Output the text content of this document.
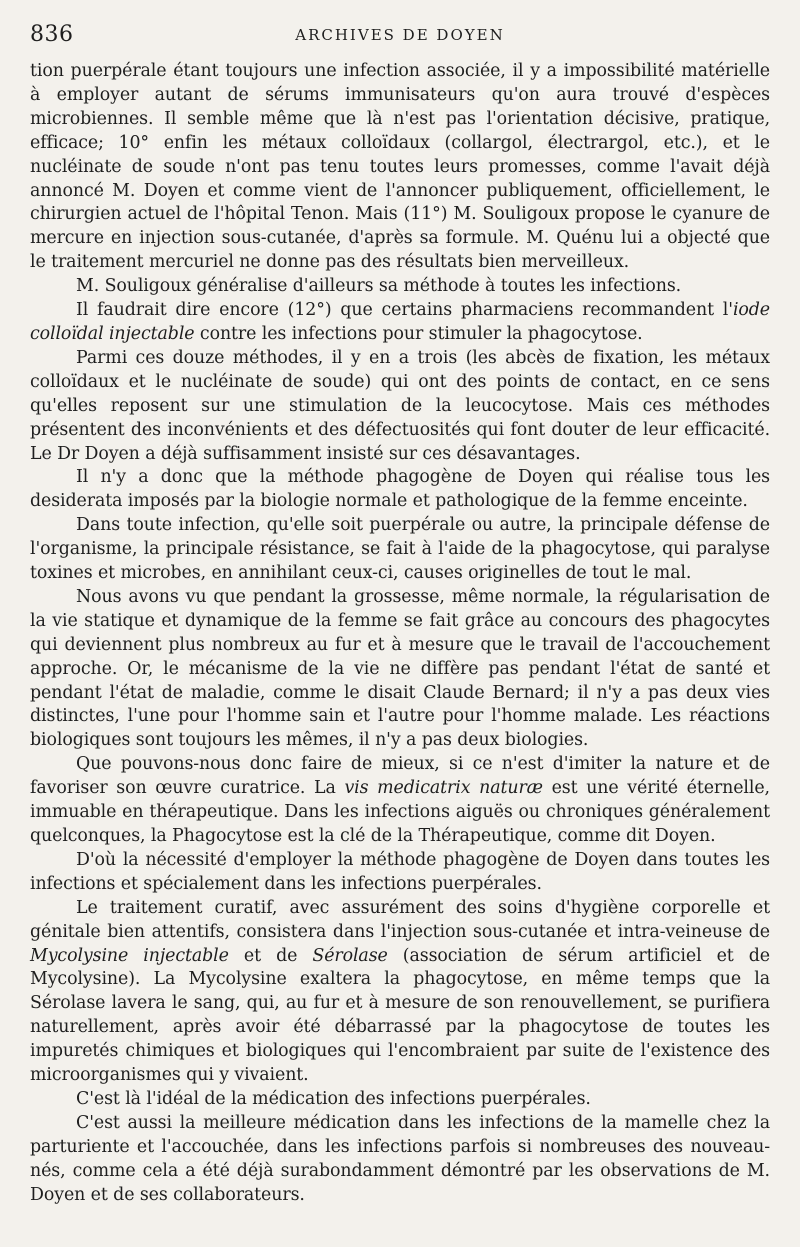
836	ARCHIVES DE DOYEN

tion puerpérale étant toujours une infection associée, il y a impossibilité matérielle à employer autant de sérums immunisateurs qu'on aura trouvé d'espèces microbiennes. Il semble même que là n'est pas l'orientation décisive, pratique, efficace; 10° enfin les métaux colloïdaux (collargol, électrargol, etc.), et le nucléinate de soude n'ont pas tenu toutes leurs promesses, comme l'avait déjà annoncé M. Doyen et comme vient de l'annoncer publiquement, officiellement, le chirurgien actuel de l'hôpital Tenon. Mais (11°) M. Souligoux propose le cyanure de mercure en injection sous-cutanée, d'après sa formule. M. Quénu lui a objecté que le traitement mercuriel ne donne pas des résultats bien merveilleux.

M. Souligoux généralise d'ailleurs sa méthode à toutes les infections.

Il faudrait dire encore (12°) que certains pharmaciens recommandent l'iode colloïdal injectable contre les infections pour stimuler la phagocytose.

Parmi ces douze méthodes, il y en a trois (les abcès de fixation, les métaux colloïdaux et le nucléinate de soude) qui ont des points de contact, en ce sens qu'elles reposent sur une stimulation de la leucocytose. Mais ces méthodes présentent des inconvénients et des défectuosités qui font douter de leur efficacité. Le Dr Doyen a déjà suffisamment insisté sur ces désavantages.

Il n'y a donc que la méthode phagogène de Doyen qui réalise tous les desiderata imposés par la biologie normale et pathologique de la femme enceinte.

Dans toute infection, qu'elle soit puerpérale ou autre, la principale défense de l'organisme, la principale résistance, se fait à l'aide de la phagocytose, qui paralyse toxines et microbes, en annihilant ceux-ci, causes originelles de tout le mal.

Nous avons vu que pendant la grossesse, même normale, la régularisation de la vie statique et dynamique de la femme se fait grâce au concours des phagocytes qui deviennent plus nombreux au fur et à mesure que le travail de l'accouchement approche. Or, le mécanisme de la vie ne diffère pas pendant l'état de santé et pendant l'état de maladie, comme le disait Claude Bernard; il n'y a pas deux vies distinctes, l'une pour l'homme sain et l'autre pour l'homme malade. Les réactions biologiques sont toujours les mêmes, il n'y a pas deux biologies.

Que pouvons-nous donc faire de mieux, si ce n'est d'imiter la nature et de favoriser son œuvre curatrice. La vis medicatrix naturæ est une vérité éternelle, immuable en thérapeutique. Dans les infections aiguës ou chroniques généralement quelconques, la Phagocytose est la clé de la Thérapeutique, comme dit Doyen.

D'où la nécessité d'employer la méthode phagogène de Doyen dans toutes les infections et spécialement dans les infections puerpérales.

Le traitement curatif, avec assurément des soins d'hygiène corporelle et génitale bien attentifs, consistera dans l'injection sous-cutanée et intra-veineuse de Mycolysine injectable et de Sérolase (association de sérum artificiel et de Mycolysine). La Mycolysine exaltera la phagocytose, en même temps que la Sérolase lavera le sang, qui, au fur et à mesure de son renouvellement, se purifiera naturellement, après avoir été débarrassé par la phagocytose de toutes les impuretés chimiques et biologiques qui l'encombraient par suite de l'existence des microorganismes qui y vivaient.

C'est là l'idéal de la médication des infections puerpérales.

C'est aussi la meilleure médication dans les infections de la mamelle chez la parturiente et l'accouchée, dans les infections parfois si nombreuses des nouveau-nés, comme cela a été déjà surabondamment démontré par les observations de M. Doyen et de ses collaborateurs.
